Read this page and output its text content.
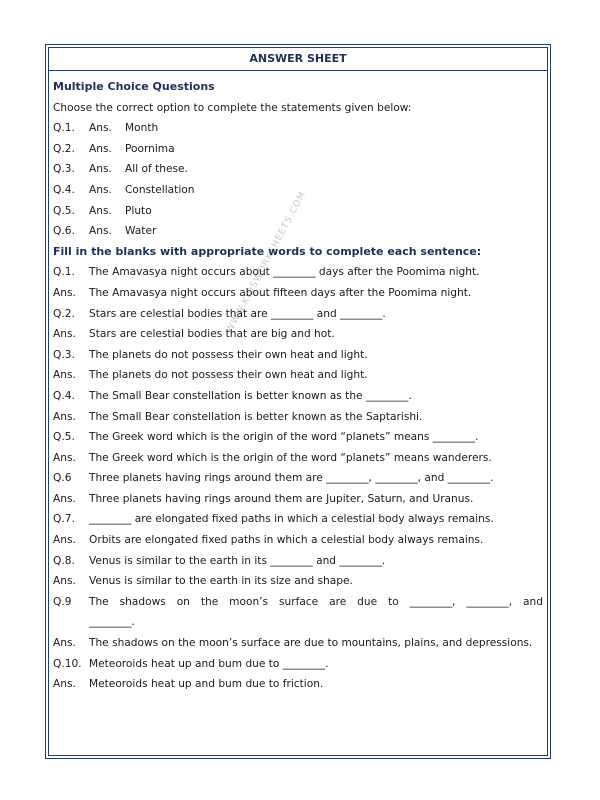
ANSWER SHEET
WWW.KIDSWORKSHEETS.COM
Multiple Choice Questions
Choose the correct option to complete the statements given below:
Q.1.	Ans.	Month
Q.2.	Ans.	Poornima
Q.3.	Ans.	All of these.
Q.4.	Ans.	Constellation
Q.5.	Ans.	Pluto
Q.6.	Ans.	Water
Fill in the blanks with appropriate words to complete each sentence:
Q.1.	The Amavasya night occurs about ________ days after the Poomima night.
Ans.	The Amavasya night occurs about fifteen days after the Poomima night.
Q.2.	Stars are celestial bodies that are ________ and ________.
Ans.	Stars are celestial bodies that are big and hot.
Q.3.	The planets do not possess their own heat and light.
Ans.	The planets do not possess their own heat and light.
Q.4.	The Small Bear constellation is better known as the ________.
Ans.	The Small Bear constellation is better known as the Saptarishi.
Q.5.	The Greek word which is the origin of the word “planets” means ________.
Ans.	The Greek word which is the origin of the word “planets” means wanderers.
Q.6	Three planets having rings around them are ________, ________, and ________.
Ans.	Three planets having rings around them are Jupiter, Saturn, and Uranus.
Q.7.	________ are elongated fixed paths in which a celestial body always remains.
Ans.	Orbits are elongated fixed paths in which a celestial body always remains.
Q.8.	Venus is similar to the earth in its ________ and ________.
Ans.	Venus is similar to the earth in its size and shape.
Q.9	The shadows on the moon’s surface are due to ________, ________, and
________.
Ans.	The shadows on the moon’s surface are due to mountains, plains, and depressions.
Q.10. Meteoroids heat up and bum due to ________.
Ans.	Meteoroids heat up and bum due to friction.
